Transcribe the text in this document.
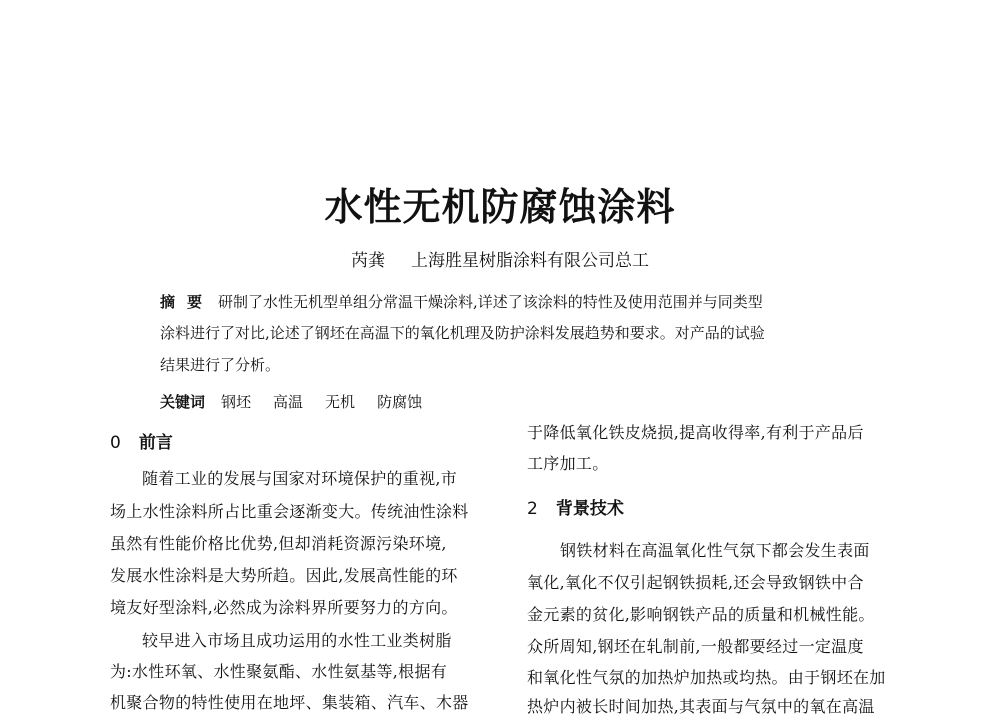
水性无机防腐蚀涂料
芮龚 上海胜星树脂涂料有限公司总工
摘要 研制了水性无机型单组分常温干燥涂料,详述了该涂料的特性及使用范围并与同类型
涂料进行了对比,论述了钢坯在高温下的氧化机理及防护涂料发展趋势和要求。对产品的试验
结果进行了分析。
关键词 钢坯 高温 无机 防腐蚀
0 前言
随着工业的发展与国家对环境保护的重视,市
场上水性涂料所占比重会逐渐变大。传统油性涂料
虽然有性能价格比优势,但却消耗资源污染环境,
发展水性涂料是大势所趋。因此,发展高性能的环
境友好型涂料,必然成为涂料界所要努力的方向。
较早进入市场且成功运用的水性工业类树脂
为:水性环氧、水性聚氨酯、水性氨基等,根据有
机聚合物的特性使用在地坪、集装箱、汽车、木器
于降低氧化铁皮烧损,提高收得率,有利于产品后
工序加工。
2 背景技术
钢铁材料在高温氧化性气氛下都会发生表面
氧化,氧化不仅引起钢铁损耗,还会导致钢铁中合
金元素的贫化,影响钢铁产品的质量和机械性能。
众所周知,钢坯在轧制前,一般都要经过一定温度
和氧化性气氛的加热炉加热或均热。由于钢坯在加
热炉内被长时间加热,其表面与气氛中的氧在高温
